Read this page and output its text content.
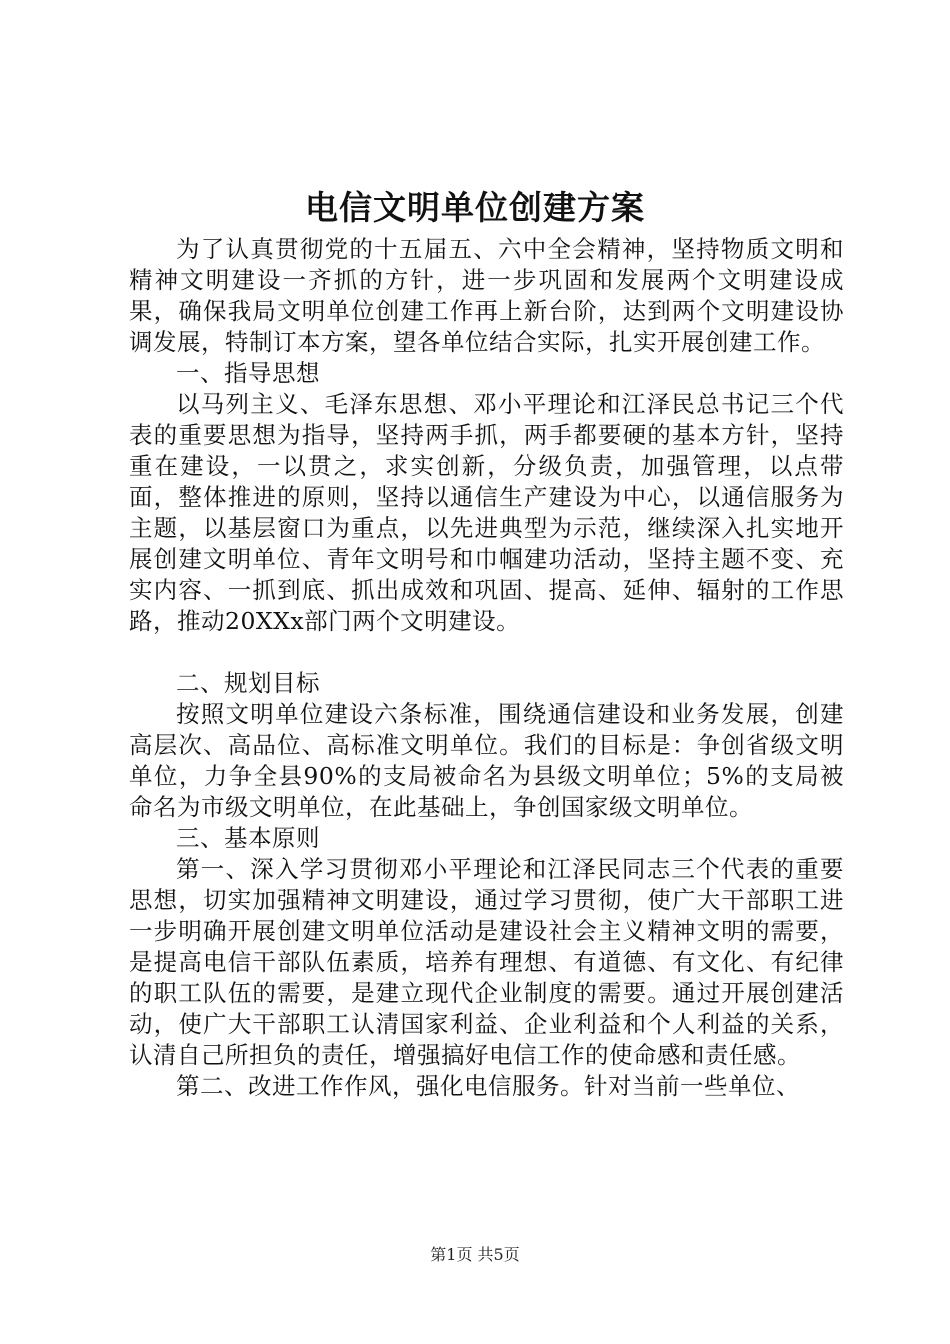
电信文明单位创建方案

为了认真贯彻党的十五届五、六中全会精神，坚持物质文明和精神文明建设一齐抓的方针，进一步巩固和发展两个文明建设成果，确保我局文明单位创建工作再上新台阶，达到两个文明建设协调发展，特制订本方案，望各单位结合实际，扎实开展创建工作。

一、指导思想

以马列主义、毛泽东思想、邓小平理论和江泽民总书记三个代表的重要思想为指导，坚持两手抓，两手都要硬的基本方针，坚持重在建设，一以贯之，求实创新，分级负责，加强管理，以点带面，整体推进的原则，坚持以通信生产建设为中心，以通信服务为主题，以基层窗口为重点，以先进典型为示范，继续深入扎实地开展创建文明单位、青年文明号和巾帼建功活动，坚持主题不变、充实内容、一抓到底、抓出成效和巩固、提高、延伸、辐射的工作思路，推动20XXx部门两个文明建设。

二、规划目标

按照文明单位建设六条标准，围绕通信建设和业务发展，创建高层次、高品位、高标准文明单位。我们的目标是：争创省级文明单位，力争全县90%的支局被命名为县级文明单位；5%的支局被命名为市级文明单位，在此基础上，争创国家级文明单位。

三、基本原则

第一、深入学习贯彻邓小平理论和江泽民同志三个代表的重要思想，切实加强精神文明建设，通过学习贯彻，使广大干部职工进一步明确开展创建文明单位活动是建设社会主义精神文明的需要，是提高电信干部队伍素质，培养有理想、有道德、有文化、有纪律的职工队伍的需要，是建立现代企业制度的需要。通过开展创建活动，使广大干部职工认清国家利益、企业利益和个人利益的关系，认清自己所担负的责任，增强搞好电信工作的使命感和责任感。

第二、改进工作作风，强化电信服务。针对当前一些单位、

第1页 共5页
